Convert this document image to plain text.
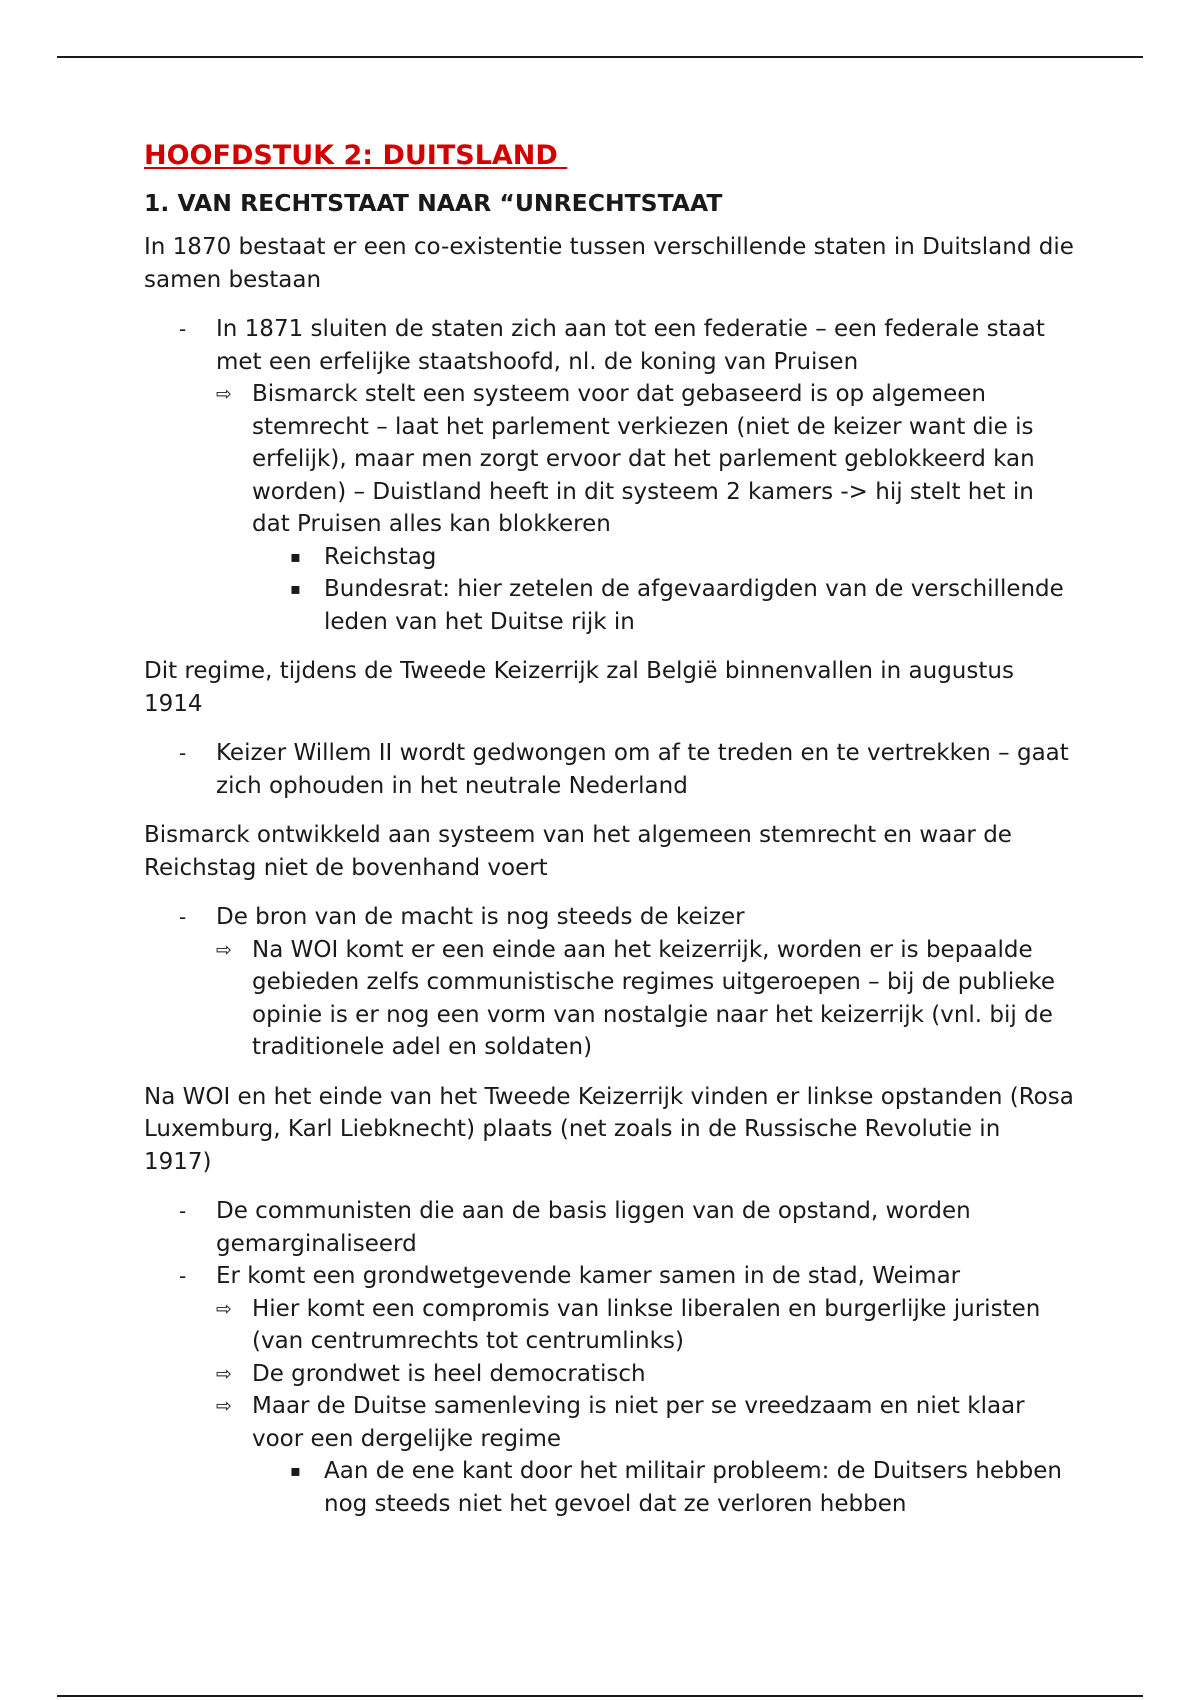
HOOFDSTUK 2: DUITSLAND
1. VAN RECHTSTAAT NAAR “UNRECHTSTAAT
In 1870 bestaat er een co-existentie tussen verschillende staten in Duitsland die samen bestaan
- In 1871 sluiten de staten zich aan tot een federatie – een federale staat met een erfelijke staatshoofd, nl. de koning van Pruisen
⇨ Bismarck stelt een systeem voor dat gebaseerd is op algemeen stemrecht – laat het parlement verkiezen (niet de keizer want die is erfelijk), maar men zorgt ervoor dat het parlement geblokkeerd kan worden) – Duistland heeft in dit systeem 2 kamers -> hij stelt het in dat Pruisen alles kan blokkeren
▪ Reichstag
▪ Bundesrat: hier zetelen de afgevaardigden van de verschillende leden van het Duitse rijk in
Dit regime, tijdens de Tweede Keizerrijk zal België binnenvallen in augustus 1914
- Keizer Willem II wordt gedwongen om af te treden en te vertrekken – gaat zich ophouden in het neutrale Nederland
Bismarck ontwikkeld aan systeem van het algemeen stemrecht en waar de Reichstag niet de bovenhand voert
- De bron van de macht is nog steeds de keizer
⇨ Na WOI komt er een einde aan het keizerrijk, worden er is bepaalde gebieden zelfs communistische regimes uitgeroepen – bij de publieke opinie is er nog een vorm van nostalgie naar het keizerrijk (vnl. bij de traditionele adel en soldaten)
Na WOI en het einde van het Tweede Keizerrijk vinden er linkse opstanden (Rosa Luxemburg, Karl Liebknecht) plaats (net zoals in de Russische Revolutie in 1917)
- De communisten die aan de basis liggen van de opstand, worden gemarginaliseerd
- Er komt een grondwetgevende kamer samen in de stad, Weimar
⇨ Hier komt een compromis van linkse liberalen en burgerlijke juristen (van centrumrechts tot centrumlinks)
⇨ De grondwet is heel democratisch
⇨ Maar de Duitse samenleving is niet per se vreedzaam en niet klaar voor een dergelijke regime
▪ Aan de ene kant door het militair probleem: de Duitsers hebben nog steeds niet het gevoel dat ze verloren hebben
